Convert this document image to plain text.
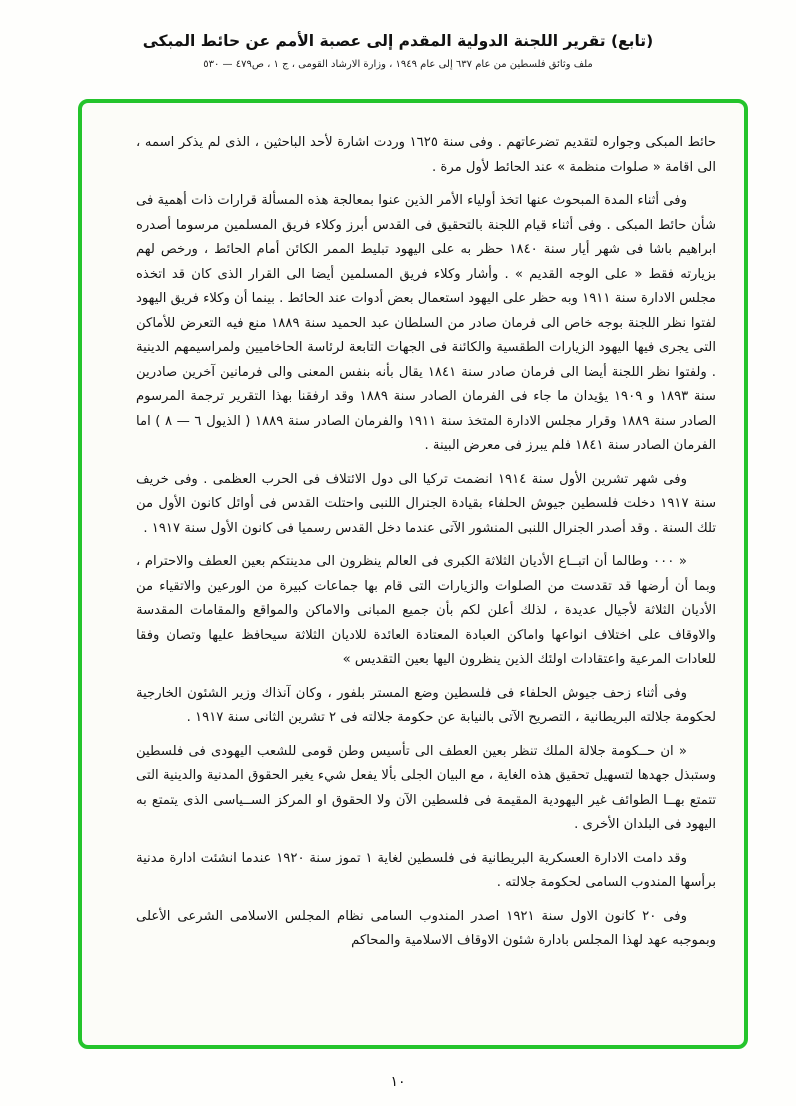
(تابع) تقرير اللجنة الدولية المقدم إلى عصبة الأمم عن حائط المبكى
ملف وثائق فلسطين من عام ٦٣٧ إلى عام ١٩٤٩ ، وزارة الارشاد القومى ، ج ١ ، ص٤٧٩ — ٥٣٠

حائط المبكى وجواره لتقديم تضرعاتهم . وفى سنة ١٦٢٥ وردت اشارة لأحد الباحثين ، الذى لم يذكر اسمه ، الى اقامة « صلوات منظمة » عند الحائط لأول مرة .

وفى أثناء المدة المبحوث عنها اتخذ أولياء الأمر الذين عنوا بمعالجة هذه المسألة قرارات ذات أهمية فى شأن حائط المبكى . وفى أثناء قيام اللجنة بالتحقيق فى القدس أبرز وكلاء فريق المسلمين مرسوما أصدره ابراهيم باشا فى شهر أيار سنة ١٨٤٠ حظر به على اليهود تبليط الممر الكائن أمام الحائط ، ورخص لهم بزيارته فقط « على الوجه القديم » . وأشار وكلاء فريق المسلمين أيضا الى القرار الذى كان قد اتخذه مجلس الادارة سنة ١٩١١ وبه حظر على اليهود استعمال بعض أدوات عند الحائط . بينما أن وكلاء فريق اليهود لفتوا نظر اللجنة بوجه خاص الى فرمان صادر من السلطان عبد الحميد سنة ١٨٨٩ منع فيه التعرض للأماكن التى يجرى فيها اليهود الزيارات الطقسية والكائنة فى الجهات التابعة لرئاسة الحاخاميين ولمراسيمهم الدينية . ولفتوا نظر اللجنة أيضا الى فرمان صادر سنة ١٨٤١ يقال بأنه بنفس المعنى والى فرمانين آخرين صادرين سنة ١٨٩٣ و ١٩٠٩ يؤيدان ما جاء فى الفرمان الصادر سنة ١٨٨٩ وقد ارفقنا بهذا التقرير ترجمة المرسوم الصادر سنة ١٨٨٩ وقرار مجلس الادارة المتخذ سنة ١٩١١ والفرمان الصادر سنة ١٨٨٩ ( الذيول ٦ — ٨ ) اما الفرمان الصادر سنة ١٨٤١ فلم يبرز فى معرض البينة .

وفى شهر تشرين الأول سنة ١٩١٤ انضمت تركيا الى دول الائتلاف فى الحرب العظمى . وفى خريف سنة ١٩١٧ دخلت فلسطين جيوش الحلفاء بقيادة الجنرال اللنبى واحتلت القدس فى أوائل كانون الأول من تلك السنة . وقد أصدر الجنرال اللنبى المنشور الآتى عندما دخل القدس رسميا فى كانون الأول سنة ١٩١٧ .

« ٠٠٠ وطالما أن اتبــاع الأديان الثلاثة الكبرى فى العالم ينظرون الى مدينتكم بعين العطف والاحترام ، وبما أن أرضها قد تقدست من الصلوات والزيارات التى قام بها جماعات كبيرة من الورعين والاتقياء من الأديان الثلاثة لأجيال عديدة ، لذلك أعلن لكم بأن جميع المبانى والاماكن والمواقع والمقامات المقدسة والاوقاف على اختلاف انواعها واماكن العبادة المعتادة العائدة للاديان الثلاثة سيحافظ عليها وتصان وفقا للعادات المرعية واعتقادات اولئك الذين ينظرون اليها بعين التقديس »

وفى أثناء زحف جيوش الحلفاء فى فلسطين وضع المستر بلفور ، وكان آنذاك وزير الشئون الخارجية لحكومة جلالته البريطانية ، التصريح الآتى بالنيابة عن حكومة جلالته فى ٢ تشرين الثانى سنة ١٩١٧ .

« ان حــكومة جلالة الملك تنظر بعين العطف الى تأسيس وطن قومى للشعب اليهودى فى فلسطين وستبذل جهدها لتسهيل تحقيق هذه الغاية ، مع البيان الجلى بألا يفعل شيء يغير الحقوق المدنية والدينية التى تتمتع بهــا الطوائف غير اليهودية المقيمة فى فلسطين الآن ولا الحقوق او المركز الســياسى الذى يتمتع به اليهود فى البلدان الأخرى .

وقد دامت الادارة العسكرية البريطانية فى فلسطين لغاية ١ تموز سنة ١٩٢٠ عندما انشئت ادارة مدنية برأسها المندوب السامى لحكومة جلالته .

وفى ٢٠ كانون الاول سنة ١٩٢١ اصدر المندوب السامى نظام المجلس الاسلامى الشرعى الأعلى وبموجبه عهد لهذا المجلس بادارة شئون الاوقاف الاسلامية والمحاكم

١٠
